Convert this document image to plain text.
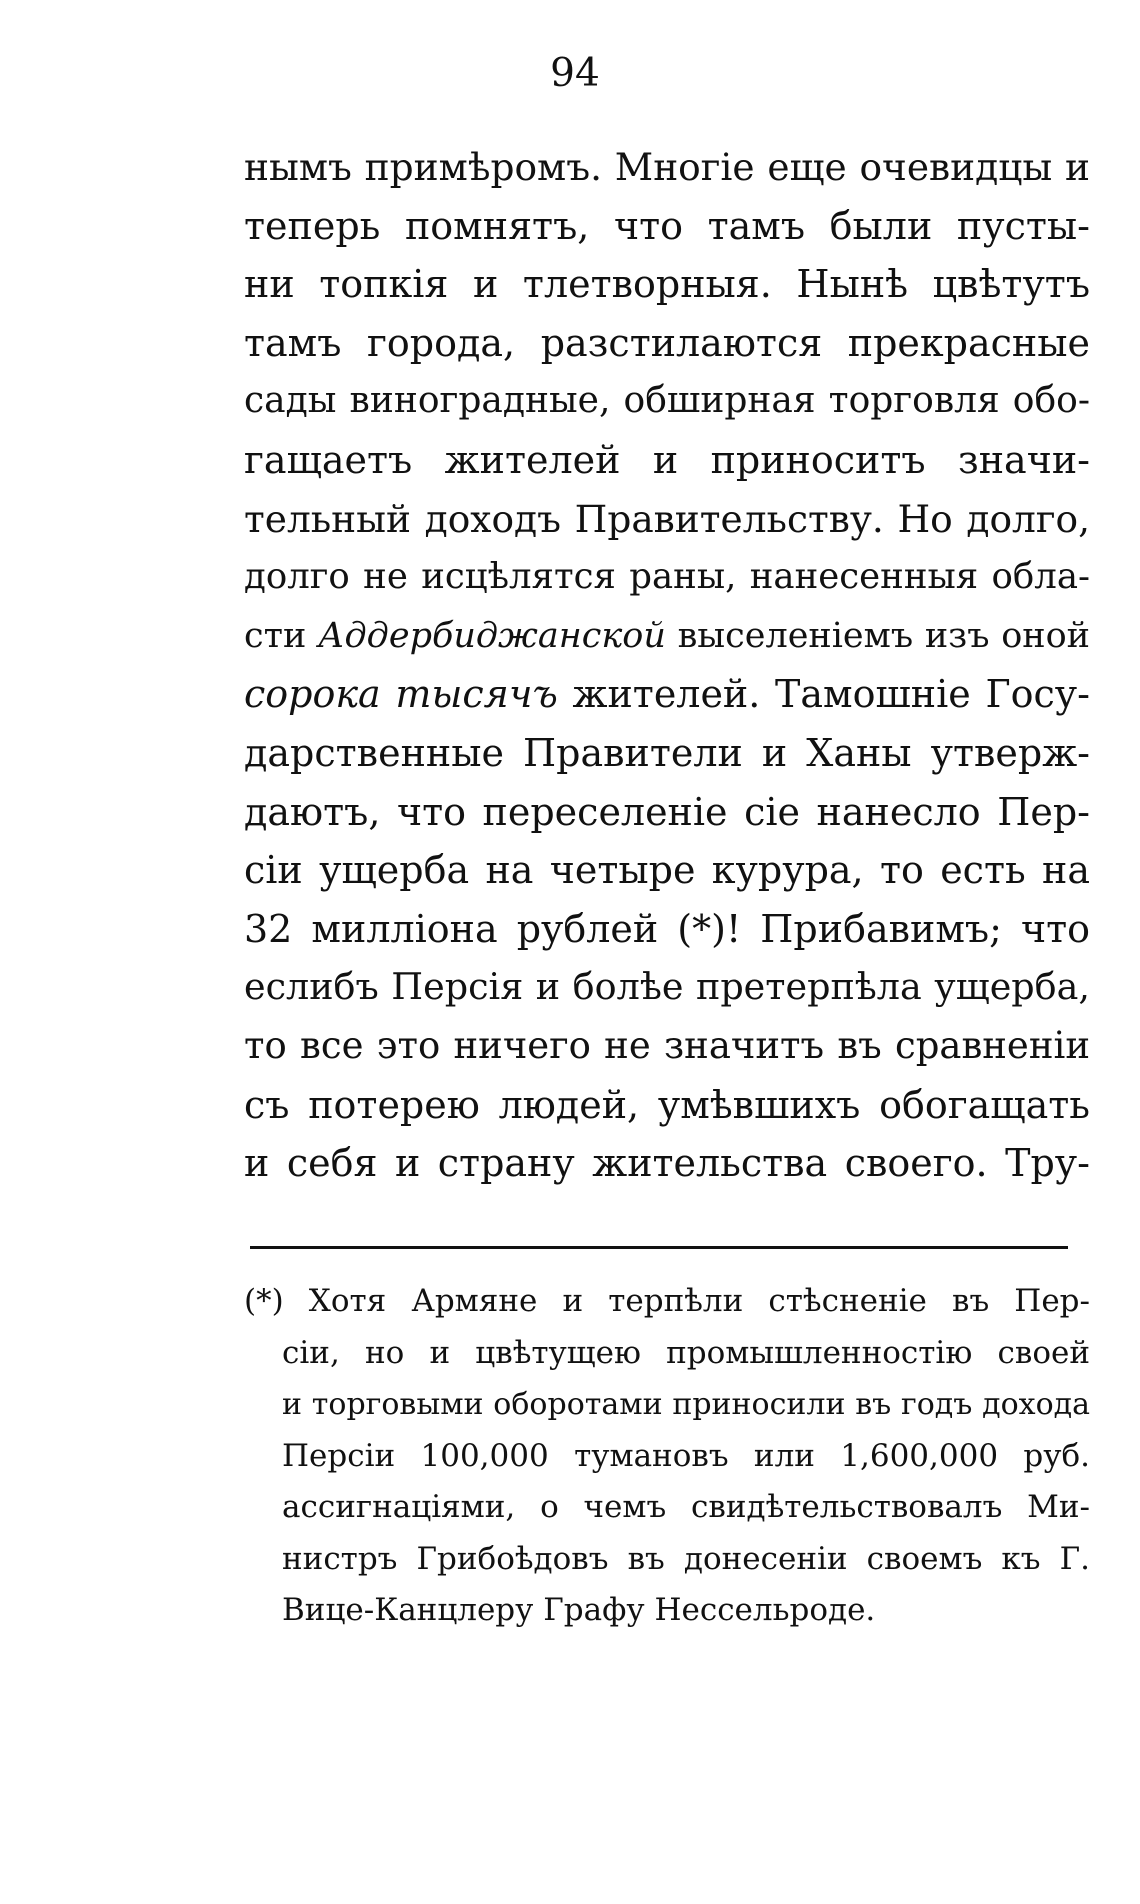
94
нымъ примѣромъ. Многіе еще очевидцы и
теперь помнятъ, что тамъ были пусты-
ни топкія и тлетворныя. Нынѣ цвѣтутъ
тамъ города, разстилаются прекрасные
сады виноградные, обширная торговля обо-
гащаетъ жителей и приноситъ значи-
тельный доходъ Правительству. Но долго,
долго не исцѣлятся раны, нанесенныя обла-
сти Аддербиджанской выселеніемъ изъ оной
сорока тысячъ жителей. Тамошніе Госу-
дарственные Правители и Ханы утверж-
даютъ, что переселеніе сіе нанесло Пер-
сіи ущерба на четыре курура, то есть на
32 милліона рублей (*)! Прибавимъ; что
еслибъ Персія и болѣе претерпѣла ущерба,
то все это ничего не значитъ въ сравненіи
съ потерею людей, умѣвшихъ обогащать
и себя и страну жительства своего. Тру-
(*) Хотя Армяне и терпѣли стѣсненіе въ Пер-
сіи, но и цвѣтущею промышленностію своей
и торговыми оборотами приносили въ годъ дохода
Персіи 100,000 тумановъ или 1,600,000 руб.
ассигнаціями, о чемъ свидѣтельствовалъ Ми-
нистръ Грибоѣдовъ въ донесеніи своемъ къ Г.
Вице-Канцлеру Графу Нессельроде.
